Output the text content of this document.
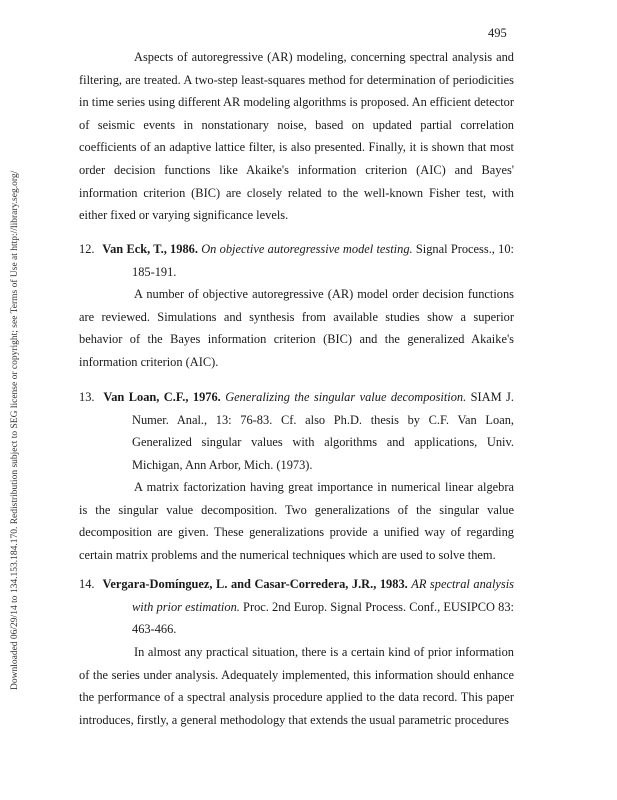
495
Downloaded 06/29/14 to 134.153.184.170. Redistribution subject to SEG license or copyright; see Terms of Use at http://library.seg.org/

Aspects of autoregressive (AR) modeling, concerning spectral analysis and filtering, are treated. A two-step least-squares method for determination of periodicities in time series using different AR modeling algorithms is proposed. An efficient detector of seismic events in nonstationary noise, based on updated partial correlation coefficients of an adaptive lattice filter, is also presented. Finally, it is shown that most order decision functions like Akaike's information criterion (AIC) and Bayes' information criterion (BIC) are closely related to the well-known Fisher test, with either fixed or varying significance levels.

12. Van Eck, T., 1986. On objective autoregressive model testing. Signal Process., 10: 185-191.

A number of objective autoregressive (AR) model order decision functions are reviewed. Simulations and synthesis from available studies show a superior behavior of the Bayes information criterion (BIC) and the generalized Akaike's information criterion (AIC).

13. Van Loan, C.F., 1976. Generalizing the singular value decomposition. SIAM J. Numer. Anal., 13: 76-83. Cf. also Ph.D. thesis by C.F. Van Loan, Generalized singular values with algorithms and applications, Univ. Michigan, Ann Arbor, Mich. (1973).

A matrix factorization having great importance in numerical linear algebra is the singular value decomposition. Two generalizations of the singular value decomposition are given. These generalizations provide a unified way of regarding certain matrix problems and the numerical techniques which are used to solve them.

14. Vergara-Domínguez, L. and Casar-Corredera, J.R., 1983. AR spectral analysis with prior estimation. Proc. 2nd Europ. Signal Process. Conf., EUSIPCO 83: 463-466.

In almost any practical situation, there is a certain kind of prior information of the series under analysis. Adequately implemented, this information should enhance the performance of a spectral analysis procedure applied to the data record. This paper introduces, firstly, a general methodology that extends the usual parametric procedures
